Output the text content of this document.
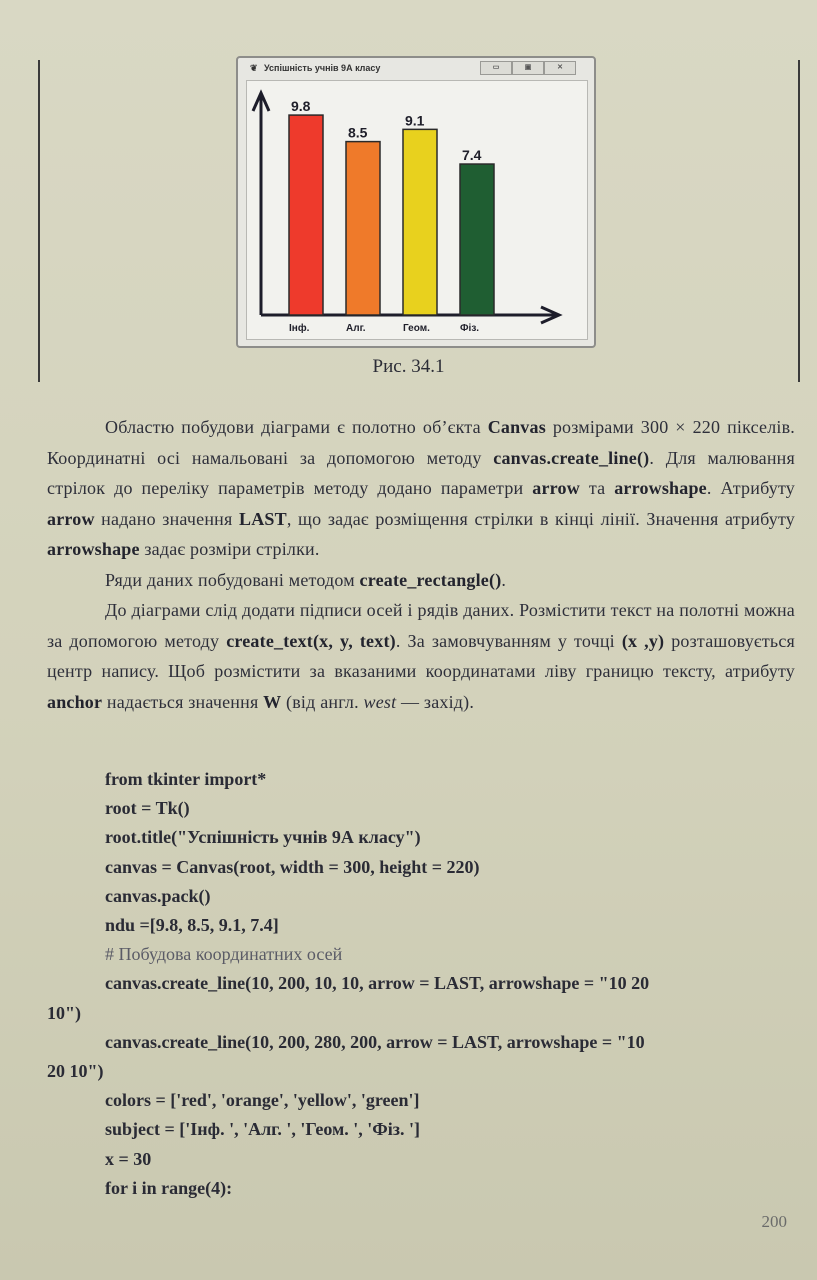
❦ Успішність учнів 9А класу	▭	▣	✕
9.8
Інф.
8.5
Алг.
9.1
Геом.
7.4
Фіз.
Рис. 34.1

Областю побудови діаграми є полотно об’єкта Canvas розмірами 300 × 220 пікселів. Координатні осі намальовані за допомогою методу canvas.create_line(). Для малювання стрілок до переліку параметрів методу додано параметри arrow та arrowshape. Атрибуту arrow надано значення LAST, що задає розміщення стрілки в кінці лінії. Значення атрибуту arrowshape задає розміри стрілки.

Ряди даних побудовані методом create_rectangle().

До діаграми слід додати підписи осей і рядів даних. Розмістити текст на полотні можна за допомогою методу create_text(x, y, text). За замовчуванням у точці (x ,y) розташовується центр напису. Щоб розмістити за вказаними координатами ліву границю тексту, атрибуту anchor надається значення W (від англ. west — захід).

from tkinter import*
root = Tk()
root.title("Успішність учнів 9А класу")
canvas = Canvas(root, width = 300, height = 220)
canvas.pack()
ndu =[9.8, 8.5, 9.1, 7.4]
# Побудова координатних осей
canvas.create_line(10, 200, 10, 10, arrow = LAST, arrowshape = "10 20
10")
canvas.create_line(10, 200, 280, 200, arrow = LAST, arrowshape = "10
20 10")
colors = ['red', 'orange', 'yellow', 'green']
subject = ['Інф. ', 'Алг. ', 'Геом. ', 'Фіз. ']
x = 30
for i in range(4):
200
